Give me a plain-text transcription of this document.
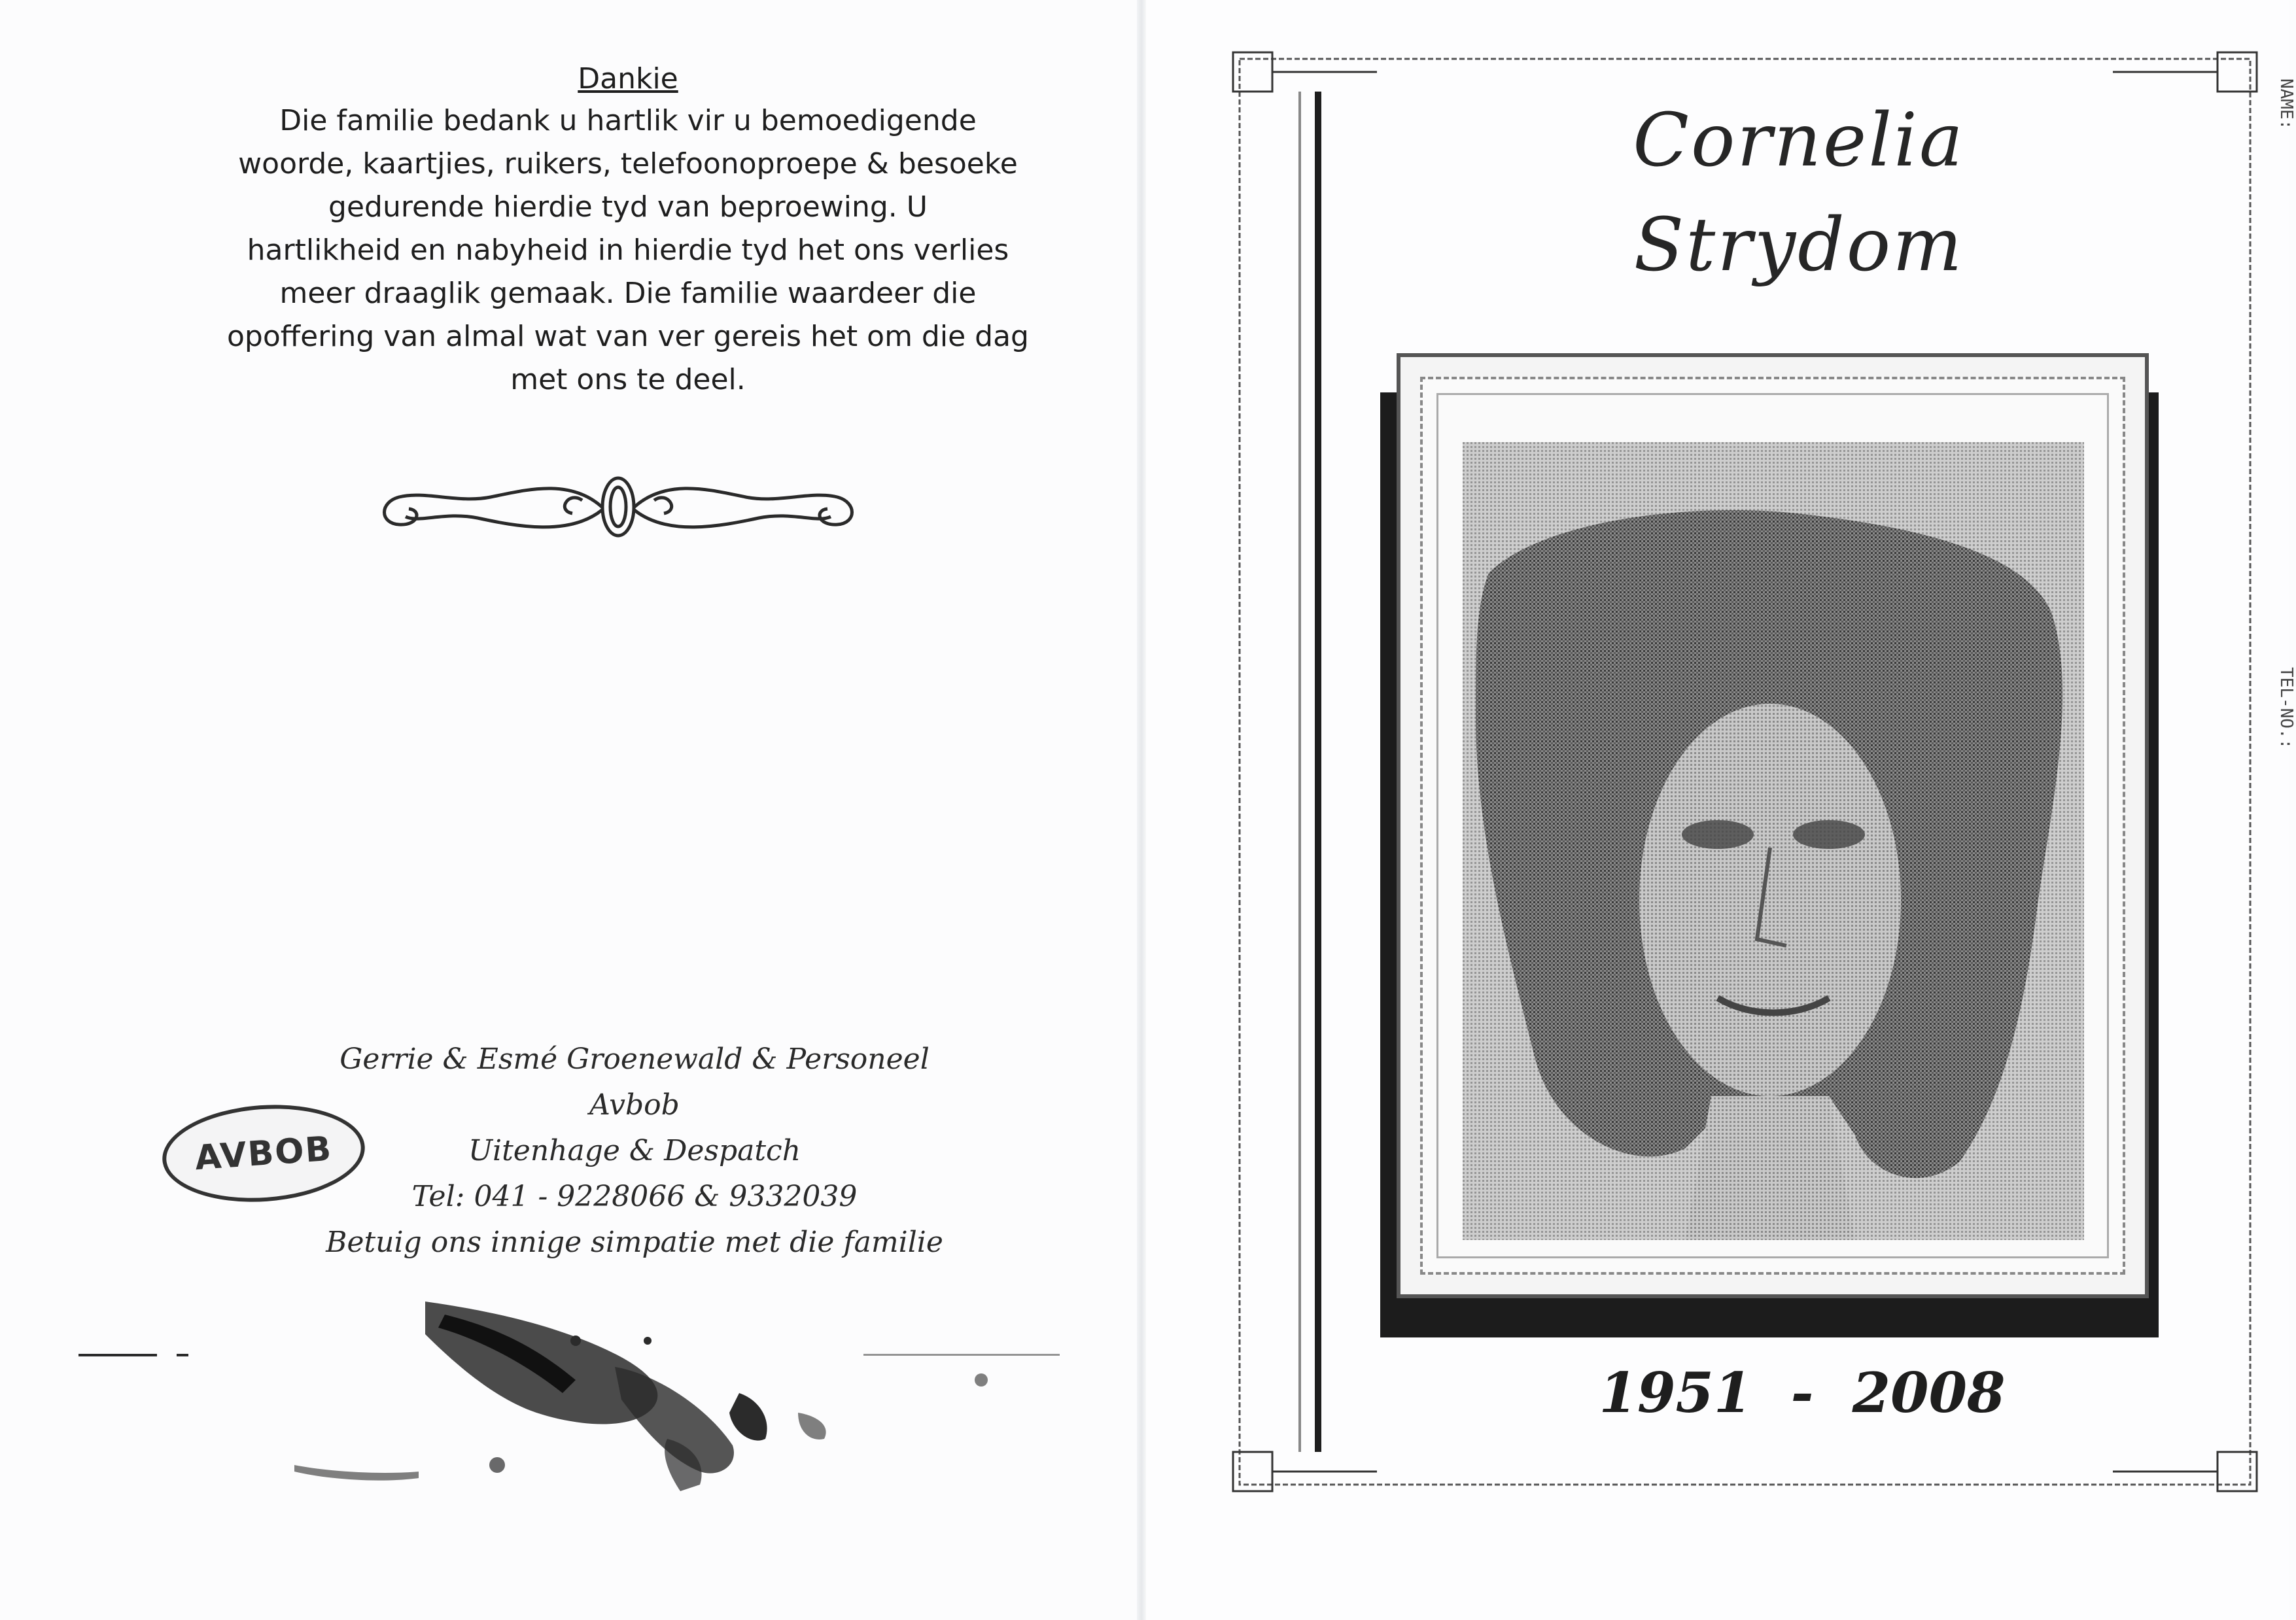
Dankie
Die familie bedank u hartlik vir u bemoedigende
woorde, kaartjies, ruikers, telefoonoproepe & besoeke
gedurende hierdie tyd van beproewing. U
hartlikheid en nabyheid in hierdie tyd het ons verlies
meer draaglik gemaak. Die familie waardeer die
opoffering van almal wat van ver gereis het om die dag
met ons te deel.
Gerrie & Esmé Groenewald & Personeel
Avbob
Uitenhage & Despatch
Tel: 041 - 9228066 & 9332039
Betuig ons innige simpatie met die familie
AVBOB
Cornelia
Strydom
1951 - 2008
NAME:
TEL-NO.:
